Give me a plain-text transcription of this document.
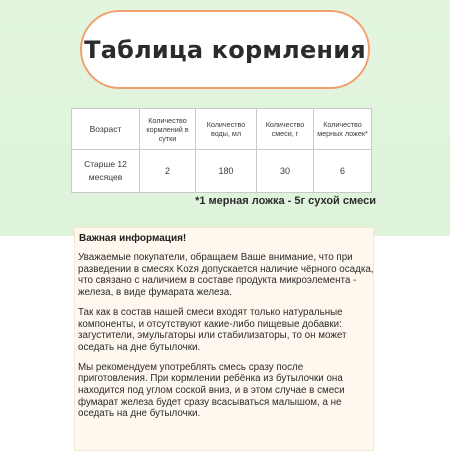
Таблица кормления
Возраст	Количество кормлений в сутки	Количество воды, мл	Количество смеси, г	Количество мерных ложек*
Старше 12 месяцев	2	180	30	6
*1 мерная ложка - 5г сухой смеси
Важная информация!

Уважаемые покупатели, обращаем Ваше внимание, что при разведении в смесях Kozя допускается наличие чёрного осадка, что связано с наличием в составе продукта микроэлемента - железа, в виде фумарата железа.

Так как в состав нашей смеси входят только натуральные компоненты, и отсутствуют какие-либо пищевые добавки: загустители, эмульгаторы или стабилизаторы, то он может оседать на дне бутылочки.

Мы рекомендуем употреблять смесь сразу после приготовления. При кормлении ребёнка из бутылочки она находится под углом соской вниз, и в этом случае в смеси фумарат железа будет сразу всасываться малышом, а не оседать на дне бутылочки.
